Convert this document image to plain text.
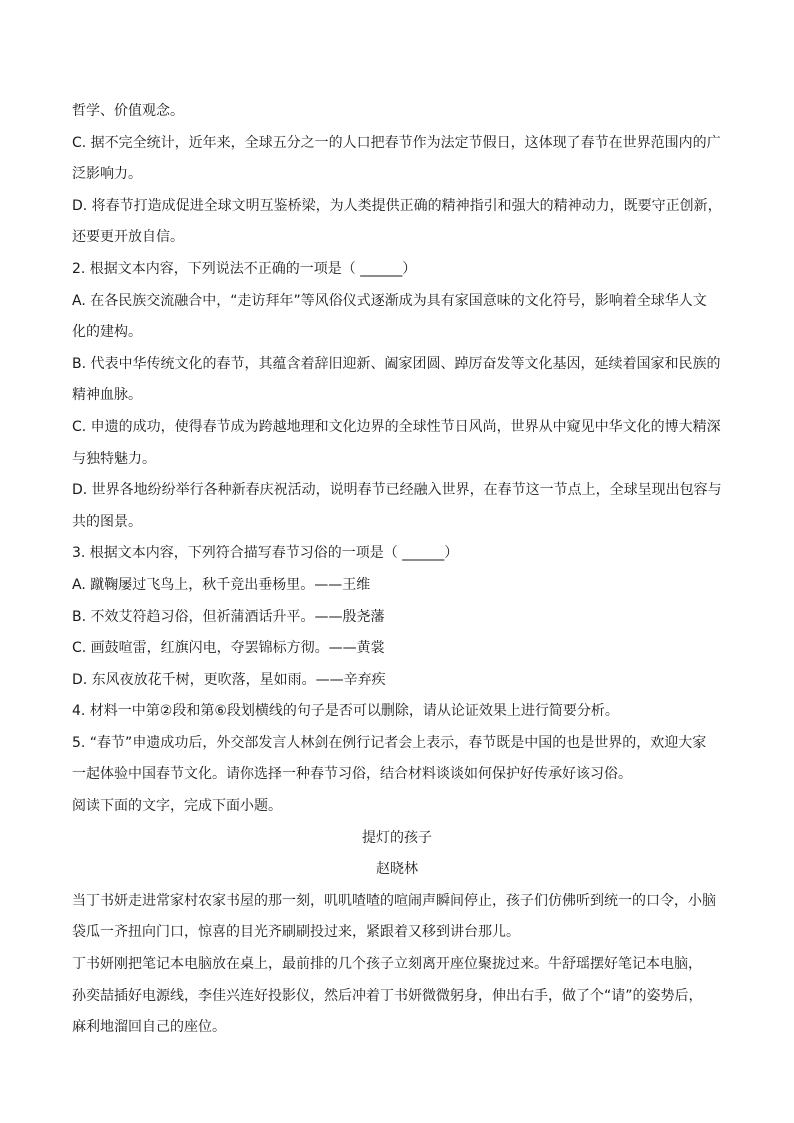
哲学、价值观念。

C. 据不完全统计，近年来，全球五分之一的人口把春节作为法定节假日，这体现了春节在世界范围内的广

泛影响力。

D. 将春节打造成促进全球文明互鉴桥梁，为人类提供正确的精神指引和强大的精神动力，既要守正创新，

还要更开放自信。

2. 根据文本内容，下列说法不正确的一项是（ ______）

A. 在各民族交流融合中，“走访拜年”等风俗仪式逐渐成为具有家国意味的文化符号，影响着全球华人文

化的建构。

B. 代表中华传统文化的春节，其蕴含着辞旧迎新、阖家团圆、踔厉奋发等文化基因，延续着国家和民族的

精神血脉。

C. 申遗的成功，使得春节成为跨越地理和文化边界的全球性节日风尚，世界从中窥见中华文化的博大精深

与独特魅力。

D. 世界各地纷纷举行各种新春庆祝活动，说明春节已经融入世界，在春节这一节点上，全球呈现出包容与

共的图景。

3. 根据文本内容，下列符合描写春节习俗的一项是（ ______）

A. 蹴鞠屡过飞鸟上，秋千竞出垂杨里。——王维

B. 不效艾符趋习俗，但祈蒲酒话升平。——殷尧藩

C. 画鼓喧雷，红旗闪电，夺罢锦标方彻。——黄裳

D. 东风夜放花千树，更吹落，星如雨。——辛弃疾

4. 材料一中第②段和第⑥段划横线的句子是否可以删除，请从论证效果上进行简要分析。

5. “春节”申遗成功后，外交部发言人林剑在例行记者会上表示，春节既是中国的也是世界的，欢迎大家

一起体验中国春节文化。请你选择一种春节习俗，结合材料谈谈如何保护好传承好该习俗。

阅读下面的文字，完成下面小题。

提灯的孩子

赵晓林

当丁书妍走进常家村农家书屋的那一刻，叽叽喳喳的喧闹声瞬间停止，孩子们仿佛听到统一的口令，小脑

袋瓜一齐扭向门口，惊喜的目光齐刷刷投过来，紧跟着又移到讲台那儿。

丁书妍刚把笔记本电脑放在桌上，最前排的几个孩子立刻离开座位聚拢过来。牛舒瑶摆好笔记本电脑，

孙奕喆插好电源线，李佳兴连好投影仪，然后冲着丁书妍微微躬身，伸出右手，做了个“请”的姿势后，

麻利地溜回自己的座位。
